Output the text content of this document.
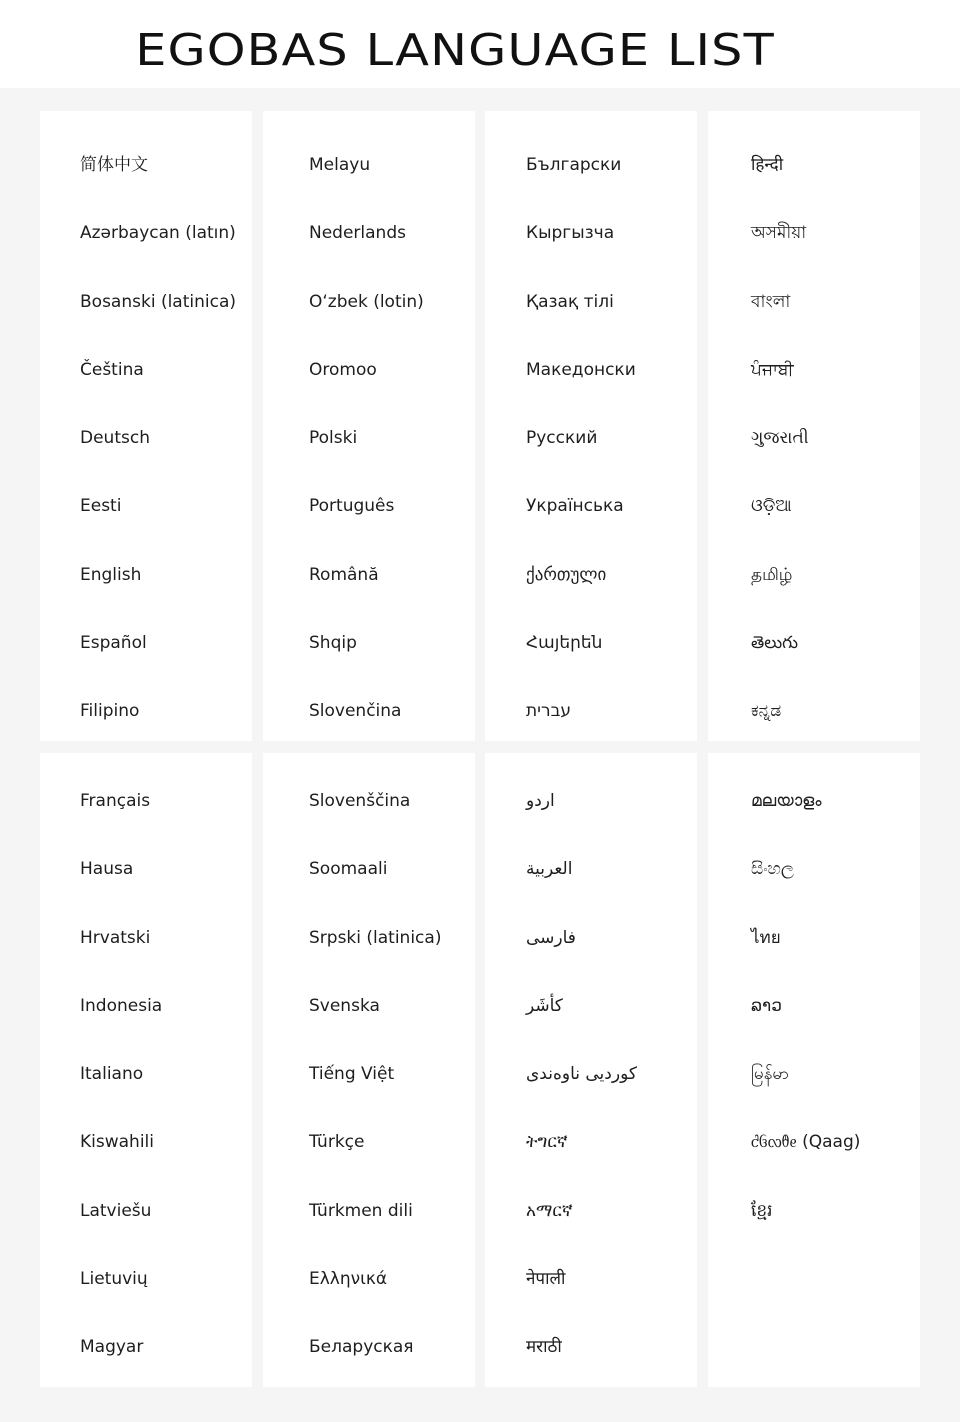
EGOBAS LANGUAGE LIST
简体中文
Azərbaycan (latın)
Bosanski (latinica)
Čeština
Deutsch
Eesti
English
Español
Filipino
Melayu
Nederlands
Oʻzbek (lotin)
Oromoo
Polski
Português
Română
Shqip
Slovenčina
Български
Кыргызча
Қазақ тілі
Македонски
Русский
Українська
ქართული
Հայերեն
עברית
हिन्दी
অসমীয়া
বাংলা
ਪੰਜਾਬੀ
ગુજરાતી
ଓଡ଼ିଆ
தமிழ்
తెలుగు
ಕನ್ನಡ
Français
Hausa
Hrvatski
Indonesia
Italiano
Kiswahili
Latviešu
Lietuvių
Magyar
Slovenščina
Soomaali
Srpski (latinica)
Svenska
Tiếng Việt
Türkçe
Türkmen dili
Ελληνικά
Беларуская
اردو
العربية
فارسی
كأشَر
کوردیی ناوەندی
ትግርኛ
አማርኛ
नेपाली
मराठी
മലയാളം
සිංහල
ไทย
ລາວ
မြန်မာ
ᦺᦑᦟᦹᧉ (Qaag)
ខ្មែរ
